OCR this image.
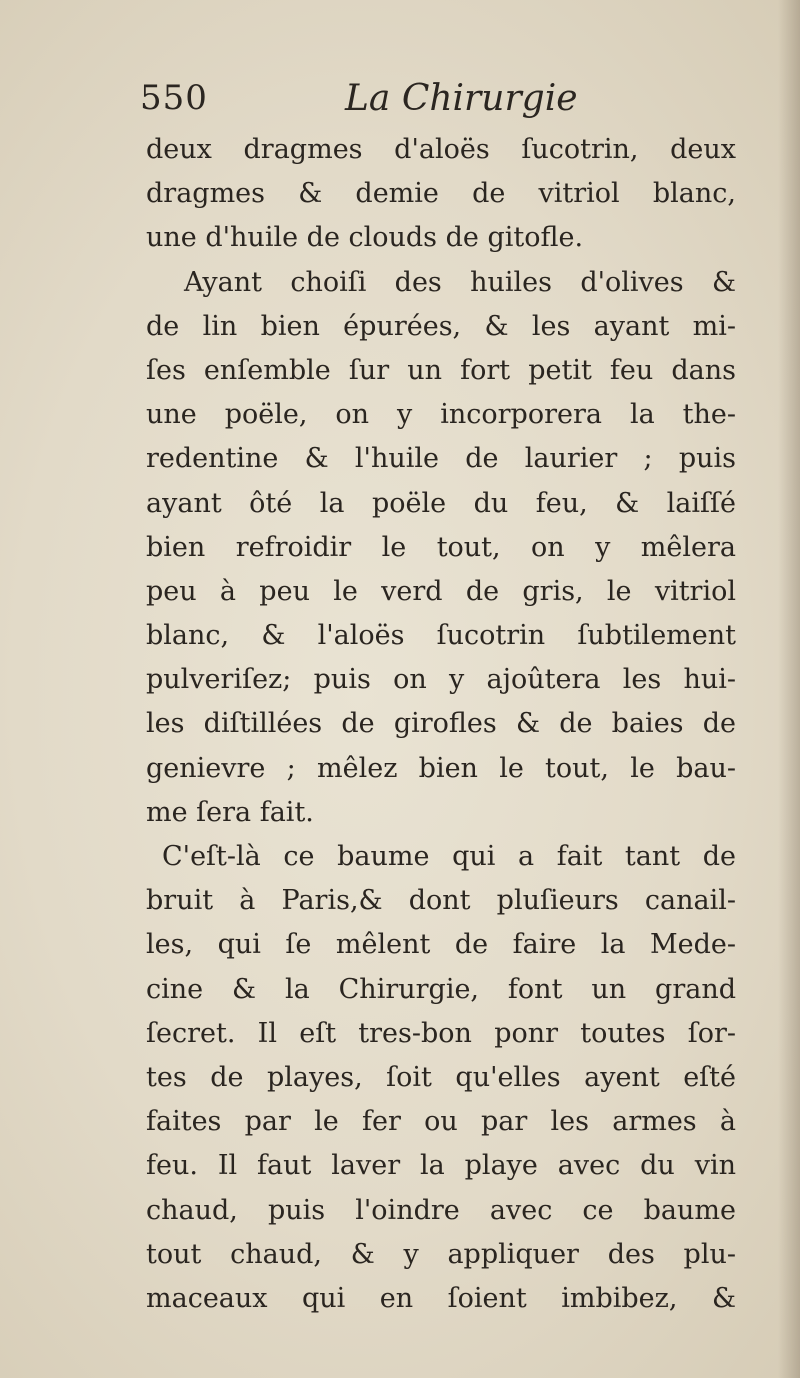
550	La Chirurgie
deux dragmes d'aloës ſucotrin, deux
dragmes & demie de vitriol blanc,
une d'huile de clouds de gitofle.
Ayant choiſi des huiles d'olives &
de lin bien épurées, & les ayant mi-
ſes enſemble ſur un fort petit feu dans
une poële, on y incorporera la the-
redentine & l'huile de laurier ; puis
ayant ôté la poële du feu, & laiſſé
bien refroidir le tout, on y mêlera
peu à peu le verd de gris, le vitriol
blanc, & l'aloës ſucotrin ſubtilement
pulveriſez; puis on y ajoûtera les hui-
les diſtillées de girofles & de baies de
genievre ; mêlez bien le tout, le bau-
me ſera fait.
C'eſt-là ce baume qui a fait tant de
bruit à Paris,& dont pluſieurs canail-
les, qui ſe mêlent de faire la Mede-
cine & la Chirurgie, font un grand
ſecret. Il eſt tres-bon ponr toutes ſor-
tes de playes, ſoit qu'elles ayent eſté
faites par le fer ou par les armes à
feu. Il faut laver la playe avec du vin
chaud, puis l'oindre avec ce baume
tout chaud, & y appliquer des plu-
maceaux qui en ſoient imbibez, &
